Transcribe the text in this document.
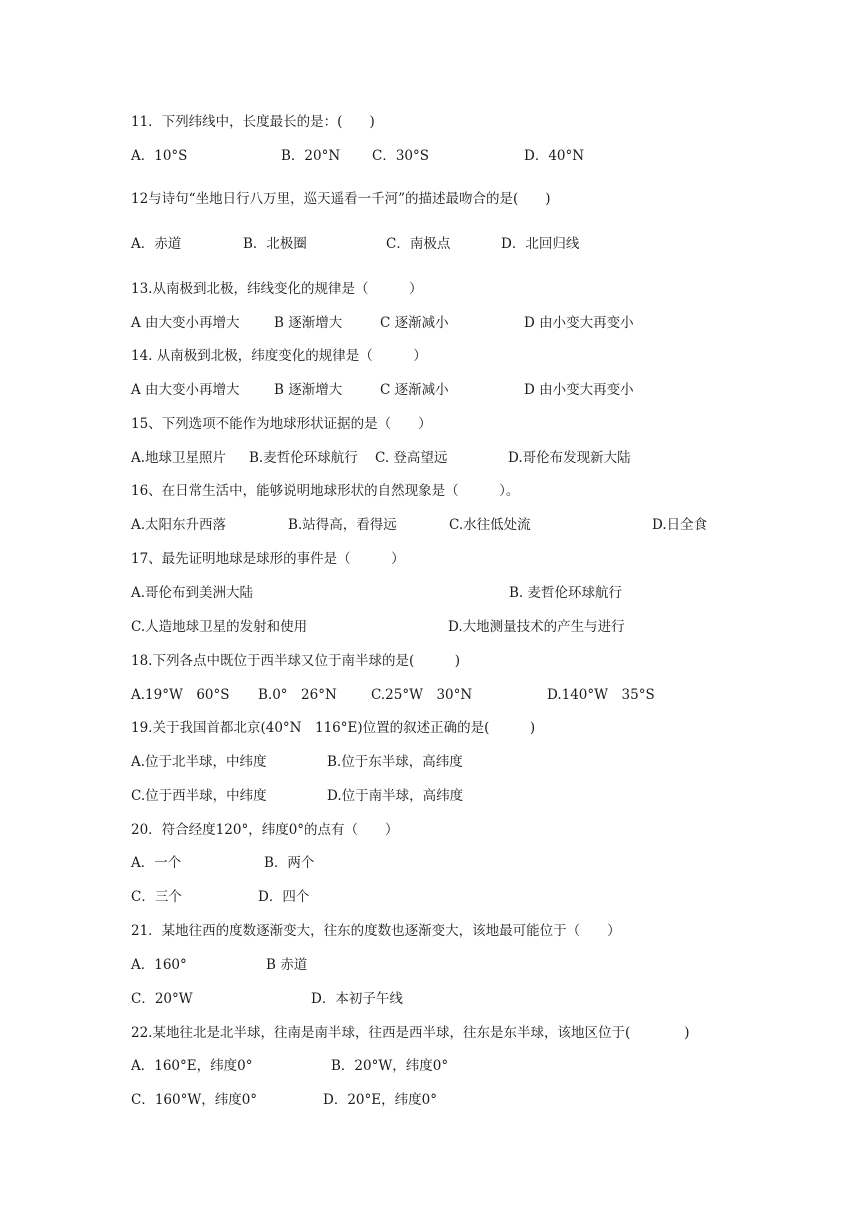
11．下列纬线中，长度最长的是：(　　)
A．10°S	B．20°N C．30°S	D．40°N
12与诗句“坐地日行八万里，巡天遥看一千河”的描述最吻合的是(　　)
A．赤道	B．北极圈	C．南极点	D．北回归线
13.从南极到北极，纬线变化的规律是（　　　）
A 由大变小再增大	B 逐渐增大	C 逐渐减小	D 由小变大再变小
14. 从南极到北极，纬度变化的规律是（　　　）
A 由大变小再增大	B 逐渐增大	C 逐渐减小	D 由小变大再变小
15、下列选项不能作为地球形状证据的是（　　）
A.地球卫星照片 B.麦哲伦环球航行 C. 登高望远	D.哥伦布发现新大陆
16、在日常生活中，能够说明地球形状的自然现象是（　　　）。
A.太阳东升西落	B.站得高，看得远	C.水往低处流	D.日全食
17、最先证明地球是球形的事件是（　　　）
A.哥伦布到美洲大陆	B. 麦哲伦环球航行
C.人造地球卫星的发射和使用	D.大地测量技术的产生与进行
18.下列各点中既位于西半球又位于南半球的是(　　　)
A.19°W　60°S B.0°　26°N	C.25°W　30°N	D.140°W　35°S
19.关于我国首都北京(40°N　116°E)位置的叙述正确的是(　　　)
A.位于北半球，中纬度	B.位于东半球，高纬度
C.位于西半球，中纬度	D.位于南半球，高纬度
20．符合经度120°，纬度0°的点有（　　）
A．一个	B．两个
C．三个	D．四个
21．某地往西的度数逐渐变大，往东的度数也逐渐变大，该地最可能位于（　　）
A．160°	B 赤道
C．20°W	D．本初子午线
22.某地往北是北半球，往南是南半球，往西是西半球，往东是东半球，该地区位于(　　　　)
A．160°E，纬度0°	B．20°W，纬度0°
C．160°W，纬度0°	D．20°E，纬度0°
